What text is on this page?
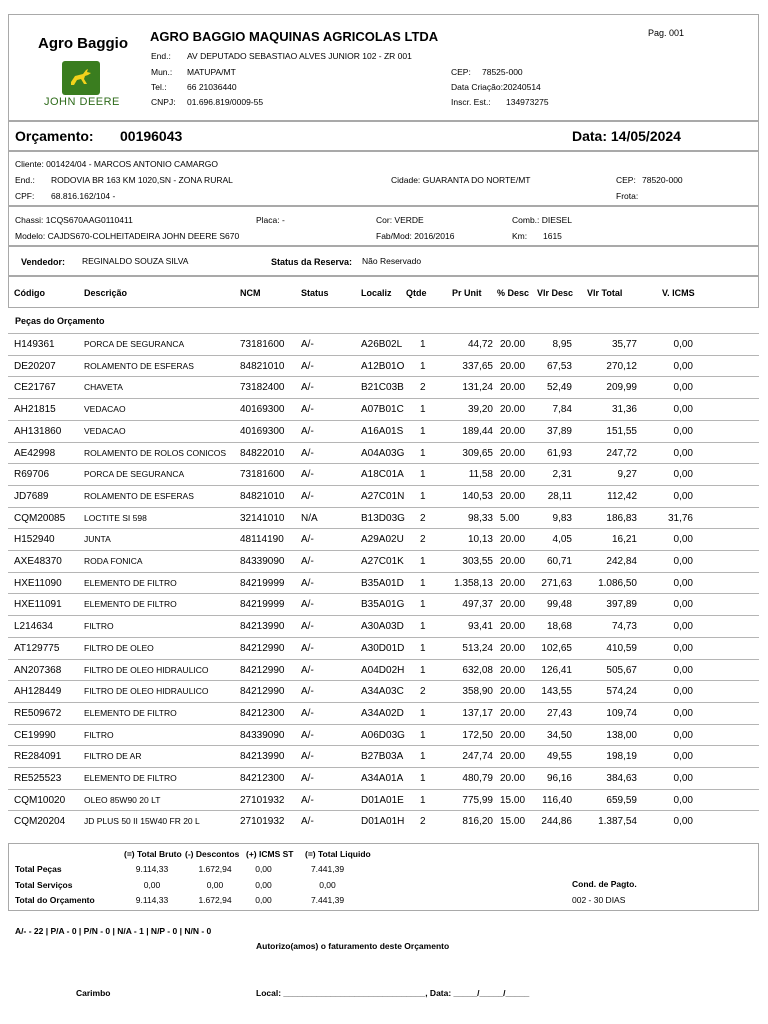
Agro Baggio
JOHN DEERE
AGRO BAGGIO MAQUINAS AGRICOLAS LTDA	Pag. 001
End.: AV DEPUTADO SEBASTIAO ALVES JUNIOR 102 - ZR 001
Mun.: MATUPA/MT
Tel.: 66 21036440
CNPJ: 01.696.819/0009-55
CEP: 78525-000
Data Criação:20240514
Inscr. Est.: 134973275
Orçamento: 00196043	Data: 14/05/2024
Cliente: 001424/04 - MARCOS ANTONIO CAMARGO
End.: RODOVIA BR 163 KM 1020,SN - ZONA RURAL	Cidade: GUARANTA DO NORTE/MT	CEP: 78520-000
CPF: 68.816.162/104 -	Frota:
Chassi: 1CQS670AAG0110411	Placa: -	Cor: VERDE	Comb.: DIESEL
Modelo: CAJDS670-COLHEITADEIRA JOHN DEERE S670	Fab/Mod: 2016/2016	Km: 1615
Vendedor: REGINALDO SOUZA SILVA	Status da Reserva: Não Reservado
Código	Descrição	NCM	Status	Localiz Qtde	Pr Unit % Desc Vlr Desc Vlr Total	V. ICMS
Peças do Orçamento
H149361	PORCA DE SEGURANCA	73181600	A/-	A26B02L	1	44,72 20.00	8,95	35,77	0,00
DE20207	ROLAMENTO DE ESFERAS	84821010	A/-	A12B01O 1	337,65 20.00	67,53	270,12	0,00
CE21767	CHAVETA	73182400	A/-	B21C03B 2	131,24 20.00	52,49	209,99	0,00
AH21815	VEDACAO	40169300	A/-	A07B01C 1	39,20 20.00	7,84	31,36	0,00
AH131860	VEDACAO	40169300	A/-	A16A01S 1	189,44 20.00	37,89	151,55	0,00
AE42998	ROLAMENTO DE ROLOS CONICOS	84822010	A/-	A04A03G 1	309,65 20.00	61,93	247,72	0,00
R69706	PORCA DE SEGURANCA	73181600	A/-	A18C01A 1	11,58 20.00	2,31	9,27	0,00
JD7689	ROLAMENTO DE ESFERAS	84821010	A/-	A27C01N 1	140,53 20.00	28,11	112,42	0,00
CQM20085	LOCTITE SI 598	32141010	N/A	B13D03G 2	98,33 5.00	9,83	186,83	31,76
H152940	JUNTA	48114190	A/-	A29A02U 2	10,13 20.00	4,05	16,21	0,00
AXE48370	RODA FONICA	84339090	A/-	A27C01K 1	303,55 20.00	60,71	242,84	0,00
HXE11090	ELEMENTO DE FILTRO	84219999	A/-	B35A01D 1	1.358,13 20.00	271,63	1.086,50	0,00
HXE11091	ELEMENTO DE FILTRO	84219999	A/-	B35A01G 1	497,37 20.00	99,48	397,89	0,00
L214634	FILTRO	84213990	A/-	A30A03D 1	93,41 20.00	18,68	74,73	0,00
AT129775	FILTRO DE OLEO	84212990	A/-	A30D01D 1	513,24 20.00	102,65	410,59	0,00
AN207368	FILTRO DE OLEO HIDRAULICO	84212990	A/-	A04D02H 1	632,08 20.00	126,41	505,67	0,00
AH128449	FILTRO DE OLEO HIDRAULICO	84212990	A/-	A34A03C 2	358,90 20.00	143,55	574,24	0,00
RE509672	ELEMENTO DE FILTRO	84212300	A/-	A34A02D 1	137,17 20.00	27,43	109,74	0,00
CE19990	FILTRO	84339090	A/-	A06D03G 1	172,50 20.00	34,50	138,00	0,00
RE284091	FILTRO DE AR	84213990	A/-	B27B03A 1	247,74 20.00	49,55	198,19	0,00
RE525523	ELEMENTO DE FILTRO	84212300	A/-	A34A01A 1	480,79 20.00	96,16	384,63	0,00
CQM10020	OLEO 85W90 20 LT	27101932	A/-	D01A01E 1	775,99 15.00	116,40	659,59	0,00
CQM20204	JD PLUS 50 II 15W40 FR 20 L	27101932	A/-	D01A01H 2	816,20 15.00	244,86	1.387,54	0,00
(=) Total Bruto (-) Descontos (+) ICMS ST (=) Total Liquido
Total Peças	9.114,33	1.672,94	0,00	7.441,39
Total Serviços	0,00	0,00	0,00	0,00
Total do Orçamento	9.114,33	1.672,94	0,00	7.441,39
Cond. de Pagto.
002 - 30 DIAS
A/- - 22 | P/A - 0 | P/N - 0 | N/A - 1 | N/P - 0 | N/N - 0
Autorizo(amos) o faturamento deste Orçamento
Carimbo	Local: ______________________________, Data: _____/_____/_____
